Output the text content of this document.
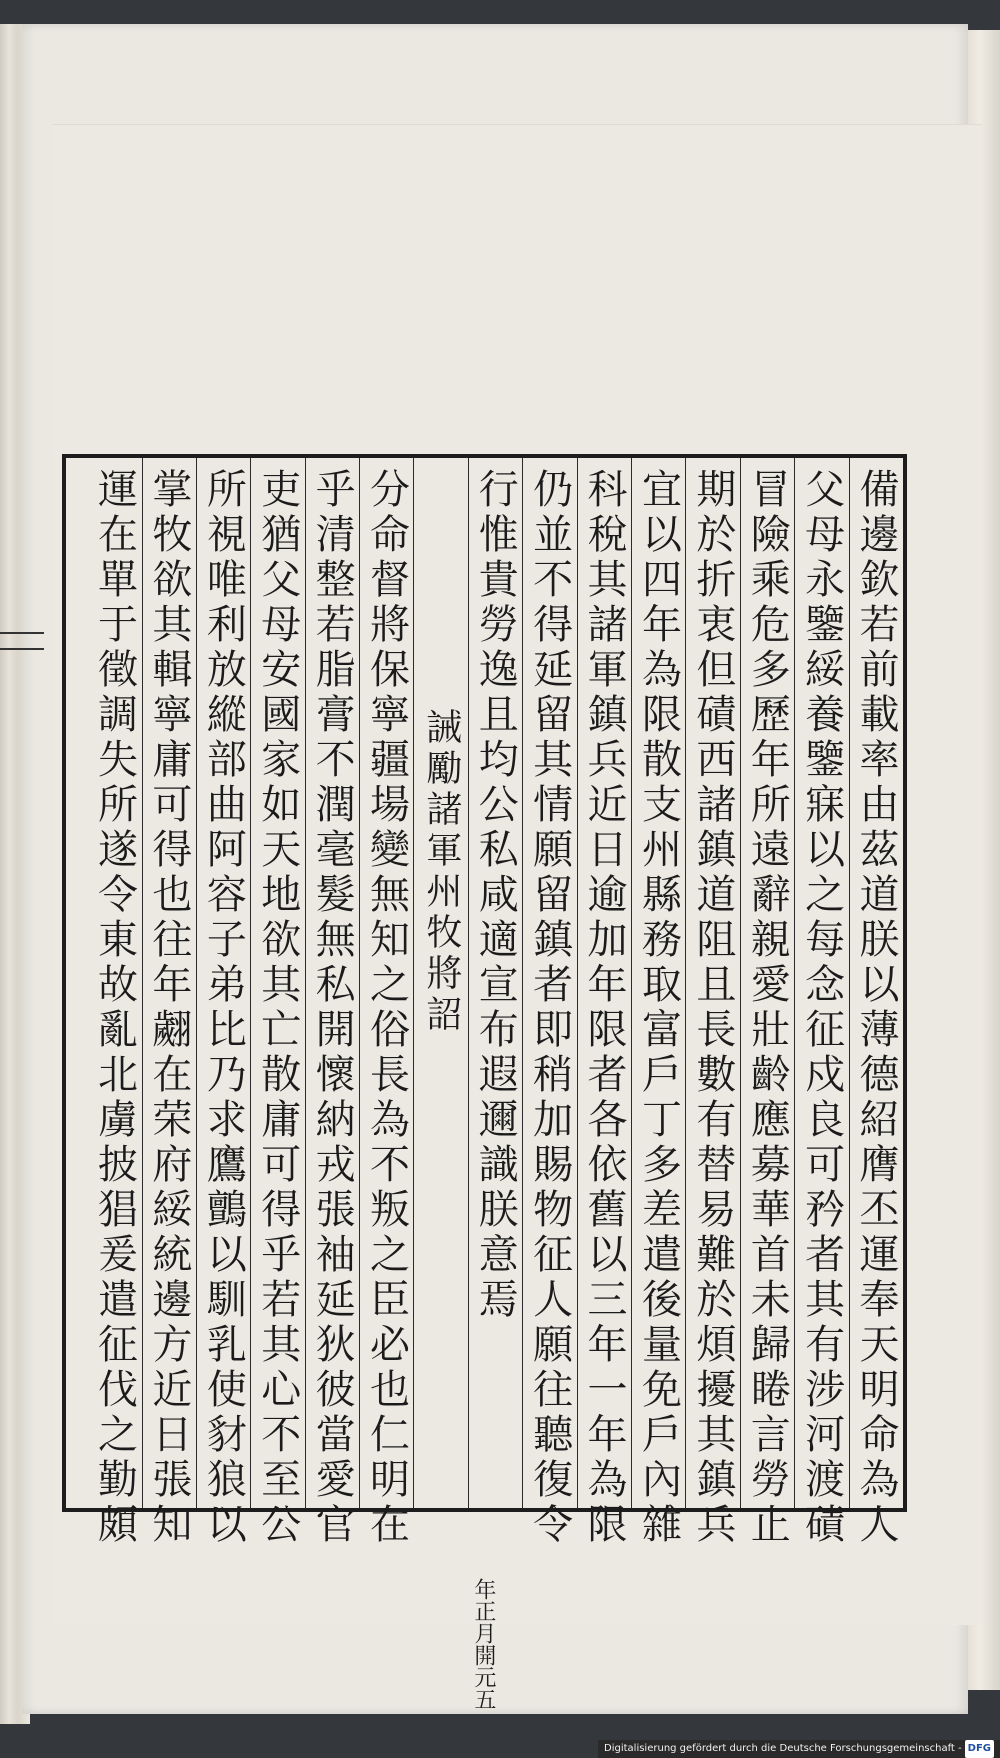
備邊欽若前載率由茲道朕以薄德紹膺丕運奉天明命為人
父母永鑒綏養鑒寐以之每念征戍良可矜者其有涉河渡磧
冒險乘危多歷年所遠辭親愛壯齡應募華首未歸睠言勞止
期於折衷但磧西諸鎮道阻且長數有替易難於煩擾其鎮兵
宜以四年為限散支州縣務取富戶丁多差遣後量免戶內雜
科稅其諸軍鎮兵近日逾加年限者各依舊以三年一年為限
仍並不得延留其情願留鎮者即稍加賜物征人願往聽復令
行惟貴勞逸且均公私咸適宣布遐邇識朕意焉
開元五
年正月
誡勵諸軍州牧將詔
分命督將保寧疆場變無知之俗長為不叛之臣必也仁明在
乎清整若脂膏不潤毫髮無私開懷納戎張袖延狄彼當愛官
吏猶父母安國家如天地欲其亡散庸可得乎若其心不至公
所視唯利放縱部曲阿容子弟比乃求鷹鸇以馴乳使豺狼以
掌牧欲其輯寧庸可得也往年翽在荣府綏統邊方近日張知
運在單于徵調失所遂令東故亂北虜披猖爰遣征伐之勤頗
Digitalisierung gefördert durch die Deutsche Forschungsgemeinschaft - DFG
